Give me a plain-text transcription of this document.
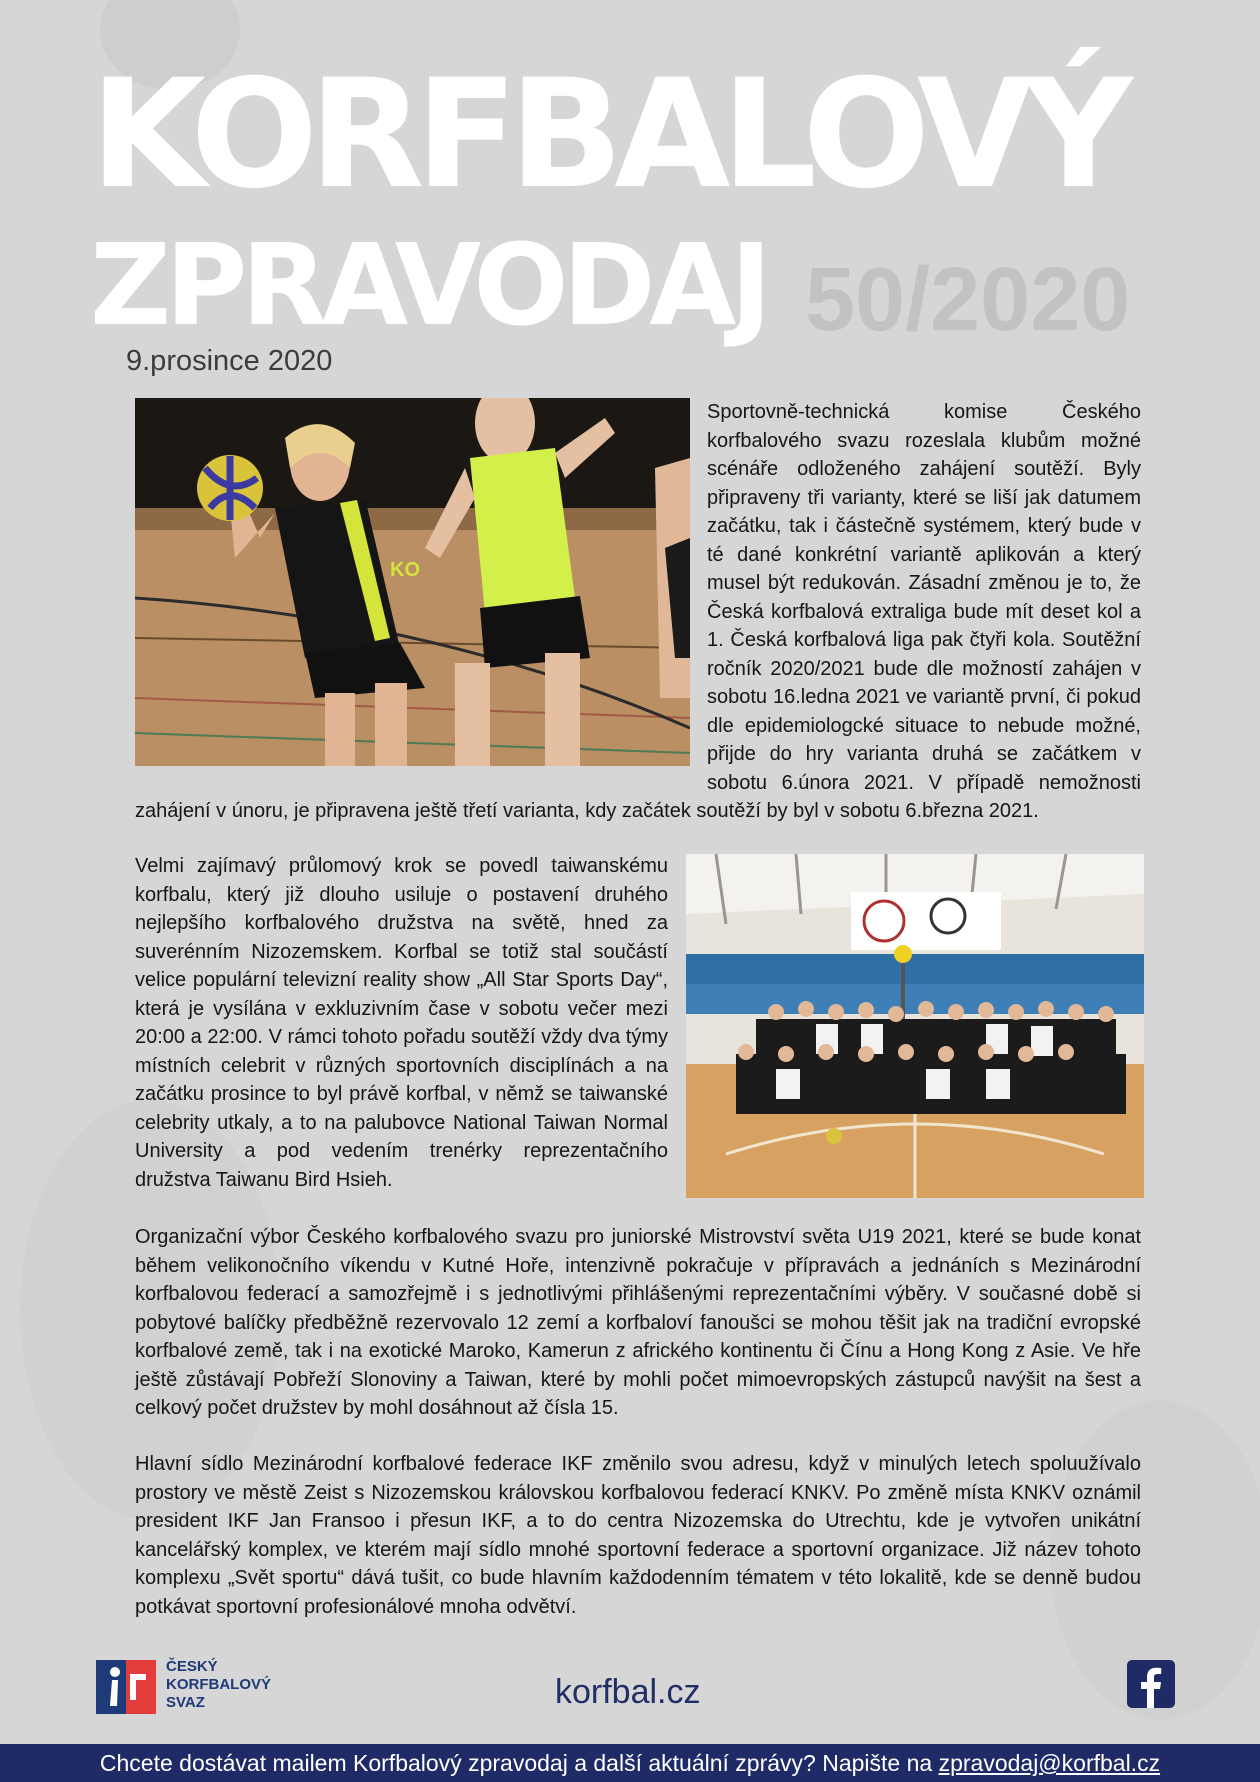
KORFBALOVÝ
ZPRAVODAJ 50/2020
9.prosince 2020
KO
Sportovně-technická komise Českého korfbalového svazu rozeslala klubům možné scénáře odloženého zahájení soutěží. Byly připraveny tři varianty, které se liší jak datumem začátku, tak i částečně systémem, který bude v té dané konkrétní variantě aplikován a který musel být redukován. Zásadní změnou je to, že Česká korfbalová extraliga bude mít deset kol a 1. Česká korfbalová liga pak čtyři kola. Soutěžní ročník 2020/2021 bude dle možností zahájen v sobotu 16.ledna 2021 ve variantě první, či pokud dle epidemiologcké situace to nebude možné, přijde do hry varianta druhá se začátkem v sobotu 6.února 2021. V případě nemožnosti zahájení v únoru, je připravena ještě třetí varianta, kdy začátek soutěží by byl v sobotu 6.března 2021.
Velmi zajímavý průlomový krok se povedl taiwanskému korfbalu, který již dlouho usiluje o postavení druhého nejlepšího korfbalového družstva na světě, hned za suverénním Nizozemskem. Korfbal se totiž stal součástí velice populární televizní reality show „All Star Sports Day“, která je vysílána v exkluzivním čase v sobotu večer mezi 20:00 a 22:00. V rámci tohoto pořadu soutěží vždy dva týmy místních celebrit v různých sportovních disciplínách a na začátku prosince to byl právě korfbal, v němž se taiwanské celebrity utkaly, a to na palubovce National Taiwan Normal University a pod vedením trenérky reprezentačního družstva Taiwanu Bird Hsieh.
Organizační výbor Českého korfbalového svazu pro juniorské Mistrovství světa U19 2021, které se bude konat během velikonočního víkendu v Kutné Hoře, intenzivně pokračuje v přípravách a jednáních s Mezinárodní korfbalovou federací a samozřejmě i s jednotlivými přihlášenými reprezentačními výběry. V současné době si pobytové balíčky předběžně rezervovalo 12 zemí a korfbaloví fanoušci se mohou těšit jak na tradiční evropské korfbalové země, tak i na exotické Maroko, Kamerun z afrického kontinentu či Čínu a Hong Kong z Asie. Ve hře ještě zůstávají Pobřeží Slonoviny a Taiwan, které by mohli počet mimoevropských zástupců navýšit na šest a celkový počet družstev by mohl dosáhnout až čísla 15.
Hlavní sídlo Mezinárodní korfbalové federace IKF změnilo svou adresu, když v minulých letech spoluužívalo prostory ve městě Zeist s Nizozemskou královskou korfbalovou federací KNKV. Po změně místa KNKV oznámil president IKF Jan Fransoo i přesun IKF, a to do centra Nizozemska do Utrechtu, kde je vytvořen unikátní kancelářský komplex, ve kterém mají sídlo mnohé sportovní federace a sportovní organizace. Již název tohoto komplexu „Svět sportu“ dává tušit, co bude hlavním každodenním tématem v této lokalitě, kde se denně budou potkávat sportovní profesionálové mnoha odvětví.
ČESKÝ
KORFBALOVÝ
SVAZ	korfbal.cz
Chcete dostávat mailem Korfbalový zpravodaj a další aktuální zprávy? Napište na zpravodaj@korfbal.cz
